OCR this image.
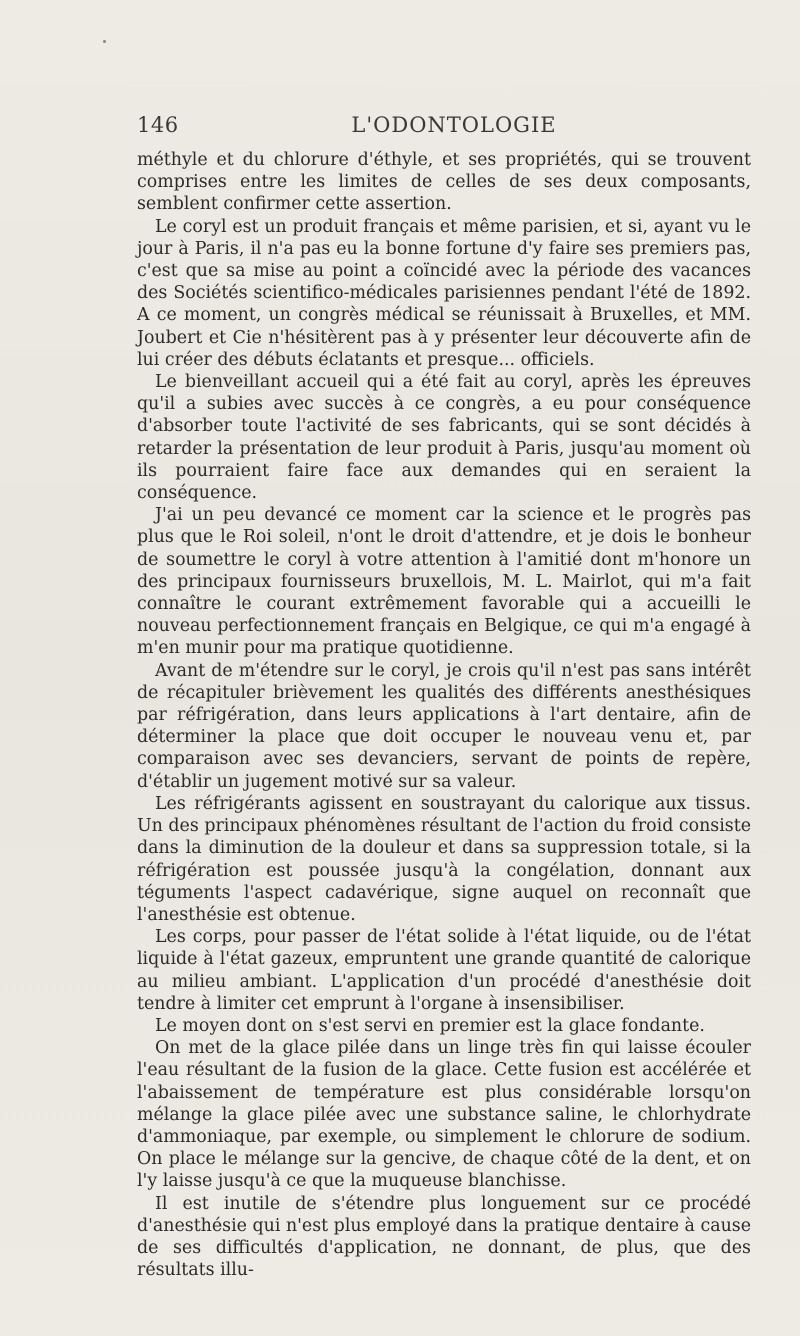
146	L'ODONTOLOGIE

méthyle et du chlorure d'éthyle, et ses propriétés, qui se trouvent comprises entre les limites de celles de ses deux composants, semblent confirmer cette assertion.

Le coryl est un produit français et même parisien, et si, ayant vu le jour à Paris, il n'a pas eu la bonne fortune d'y faire ses premiers pas, c'est que sa mise au point a coïncidé avec la période des vacances des Sociétés scientifico-médicales parisiennes pendant l'été de 1892. A ce moment, un congrès médical se réunissait à Bruxelles, et MM. Joubert et Cie n'hésitèrent pas à y présenter leur découverte afin de lui créer des débuts éclatants et presque... officiels.

Le bienveillant accueil qui a été fait au coryl, après les épreuves qu'il a subies avec succès à ce congrès, a eu pour conséquence d'absorber toute l'activité de ses fabricants, qui se sont décidés à retarder la présentation de leur produit à Paris, jusqu'au moment où ils pourraient faire face aux demandes qui en seraient la conséquence.

J'ai un peu devancé ce moment car la science et le progrès pas plus que le Roi soleil, n'ont le droit d'attendre, et je dois le bonheur de soumettre le coryl à votre attention à l'amitié dont m'honore un des principaux fournisseurs bruxellois, M. L. Mairlot, qui m'a fait connaître le courant extrêmement favorable qui a accueilli le nouveau perfectionnement français en Belgique, ce qui m'a engagé à m'en munir pour ma pratique quotidienne.

Avant de m'étendre sur le coryl, je crois qu'il n'est pas sans intérêt de récapituler brièvement les qualités des différents anesthésiques par réfrigération, dans leurs applications à l'art dentaire, afin de déterminer la place que doit occuper le nouveau venu et, par comparaison avec ses devanciers, servant de points de repère, d'établir un jugement motivé sur sa valeur.

Les réfrigérants agissent en soustrayant du calorique aux tissus. Un des principaux phénomènes résultant de l'action du froid consiste dans la diminution de la douleur et dans sa suppression totale, si la réfrigération est poussée jusqu'à la congélation, donnant aux téguments l'aspect cadavérique, signe auquel on reconnaît que l'anesthésie est obtenue.

Les corps, pour passer de l'état solide à l'état liquide, ou de l'état liquide à l'état gazeux, empruntent une grande quantité de calorique au milieu ambiant. L'application d'un procédé d'anesthésie doit tendre à limiter cet emprunt à l'organe à insensibiliser.

Le moyen dont on s'est servi en premier est la glace fondante.

On met de la glace pilée dans un linge très fin qui laisse écouler l'eau résultant de la fusion de la glace. Cette fusion est accélérée et l'abaissement de température est plus considérable lorsqu'on mélange la glace pilée avec une substance saline, le chlorhydrate d'ammoniaque, par exemple, ou simplement le chlorure de sodium. On place le mélange sur la gencive, de chaque côté de la dent, et on l'y laisse jusqu'à ce que la muqueuse blanchisse.

Il est inutile de s'étendre plus longuement sur ce procédé d'anesthésie qui n'est plus employé dans la pratique dentaire à cause de ses difficultés d'application, ne donnant, de plus, que des résultats illu-
